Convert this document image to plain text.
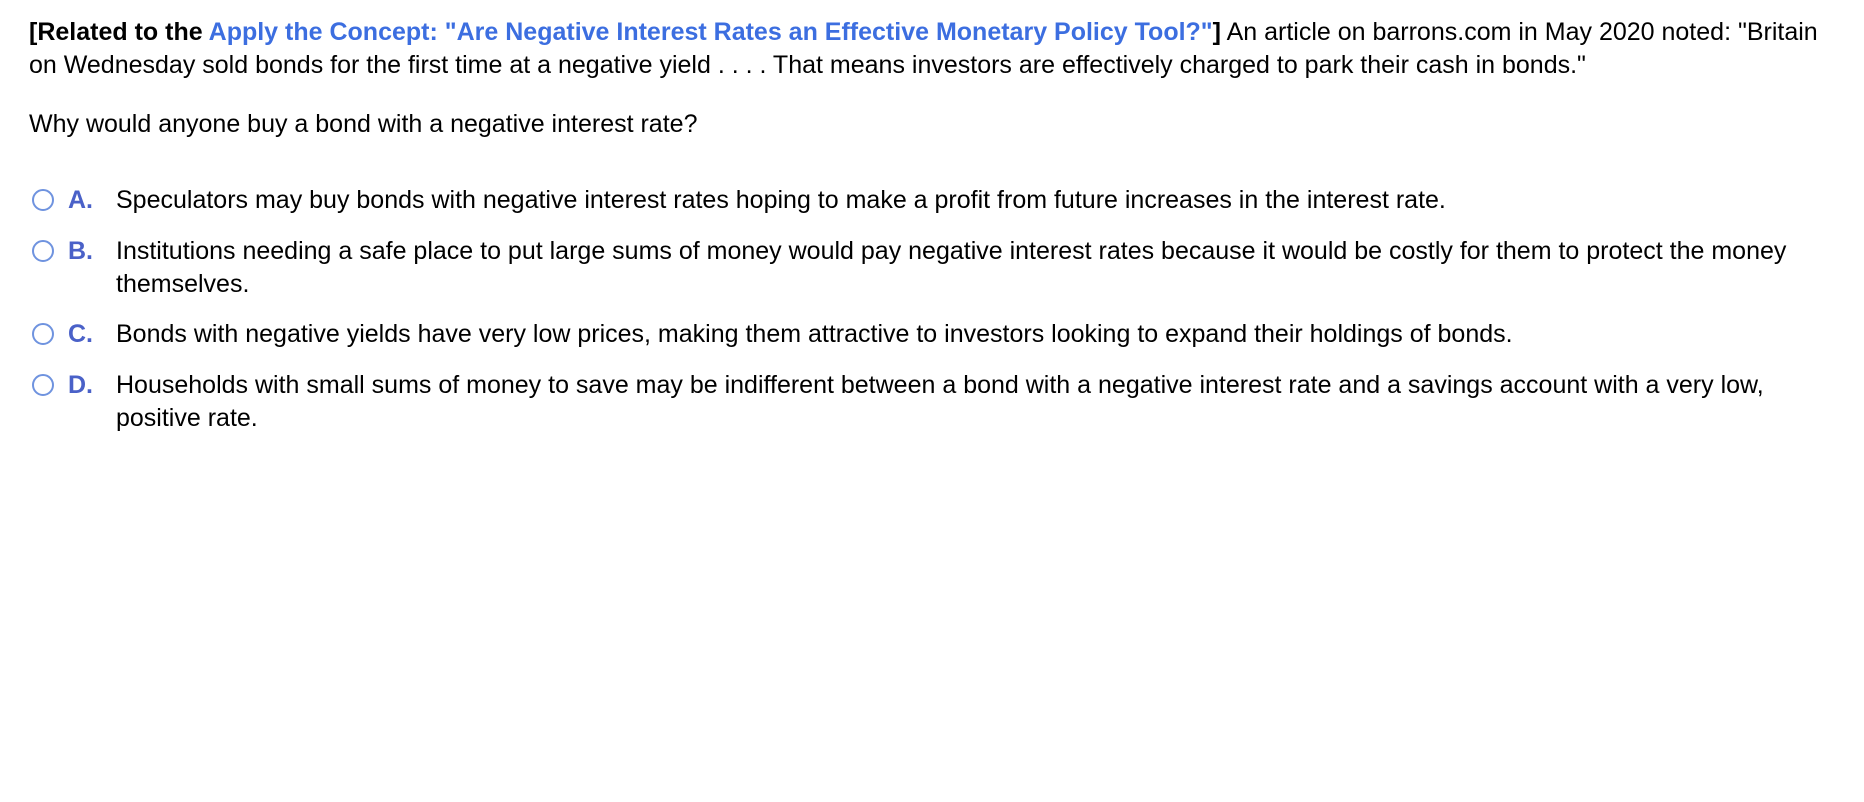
[Related to the Apply the Concept: "Are Negative Interest Rates an Effective Monetary Policy Tool?"] An article on barrons.com in May 2020 noted: "Britain on Wednesday sold bonds for the first time at a negative yield . . . . That means investors are effectively charged to park their cash in bonds."

Why would anyone buy a bond with a negative interest rate?

A. Speculators may buy bonds with negative interest rates hoping to make a profit from future increases in the interest rate.
B. Institutions needing a safe place to put large sums of money would pay negative interest rates because it would be costly for them to protect the money themselves.
C. Bonds with negative yields have very low prices, making them attractive to investors looking to expand their holdings of bonds.
D. Households with small sums of money to save may be indifferent between a bond with a negative interest rate and a savings account with a very low, positive rate.
